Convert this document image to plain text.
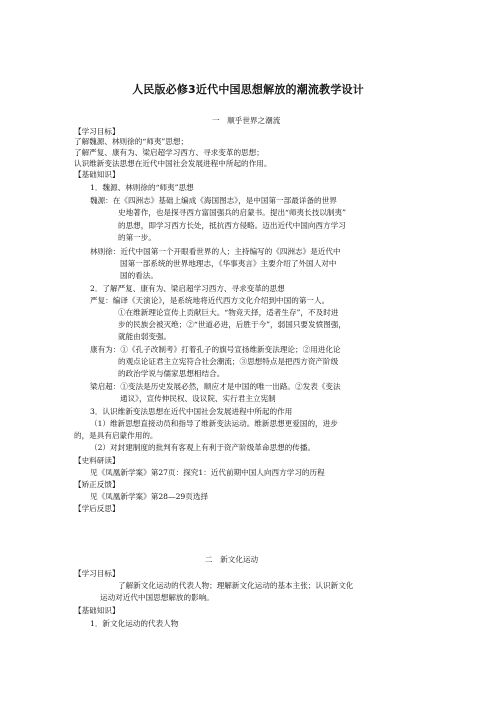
人民版必修3近代中国思想解放的潮流教学设计
一　顺乎世界之潮流
【学习目标】
了解魏源、林则徐的“师夷”思想；
了解严复、康有为、梁启超学习西方、寻求变革的思想；
认识维新变法思想在近代中国社会发展进程中所起的作用。
【基础知识】
1．魏源、林则徐的“师夷”思想
魏源：在《四洲志》基础上编成《海国图志》，是中国第一部最详备的世界
史地著作，也是探寻西方富国强兵的启蒙书。提出“师夷长技以制夷”
的思想，即学习西方长处，抵抗西方侵略。迈出近代中国向西方学习
的第一步。
林则徐：近代中国第一个开眼看世界的人；主持编写的《四洲志》是近代中
国第一部系统的世界地理志，《华事夷言》主要介绍了外国人对中
国的看法。
2．了解严复、康有为、梁启超学习西方、寻求变革的思想
严复：编译《天演论》，是系统地将近代西方文化介绍到中国的第一人。
①在维新理论宣传上贡献巨大。“物竞天择，适者生存”，不及时进
步的民族会被灭绝；②“世道必进，后胜于今”，弱国只要发愤图强，
就能由弱变强。
康有为：①《孔子改制考》打着孔子的旗号宣扬维新变法理论；②用进化论
的观点论证君主立宪符合社会潮流；③思想特点是把西方资产阶级
的政治学说与儒家思想相结合。
梁启超：①变法是历史发展必然，顺应才是中国的唯一出路。②发表《变法
通议》，宣传伸民权、设议院、实行君主立宪制
3．认识维新变法思想在近代中国社会发展进程中所起的作用
（1）维新思想直接动员和指导了维新变法运动。维新思想更爱国的，进步
的，是具有启蒙作用的。
（2）对封建制度的批判有客观上有利于资产阶级革命思想的传播。
【史料研读】
见《凤凰新学案》第27页：探究1：近代前期中国人向西方学习的历程
【矫正反馈】
见《凤凰新学案》第28—29页选择
【学后反思】
二　新文化运动
【学习目标】
了解新文化运动的代表人物；理解新文化运动的基本主张；认识新文化
运动对近代中国思想解放的影响。
【基础知识】
1．新文化运动的代表人物
